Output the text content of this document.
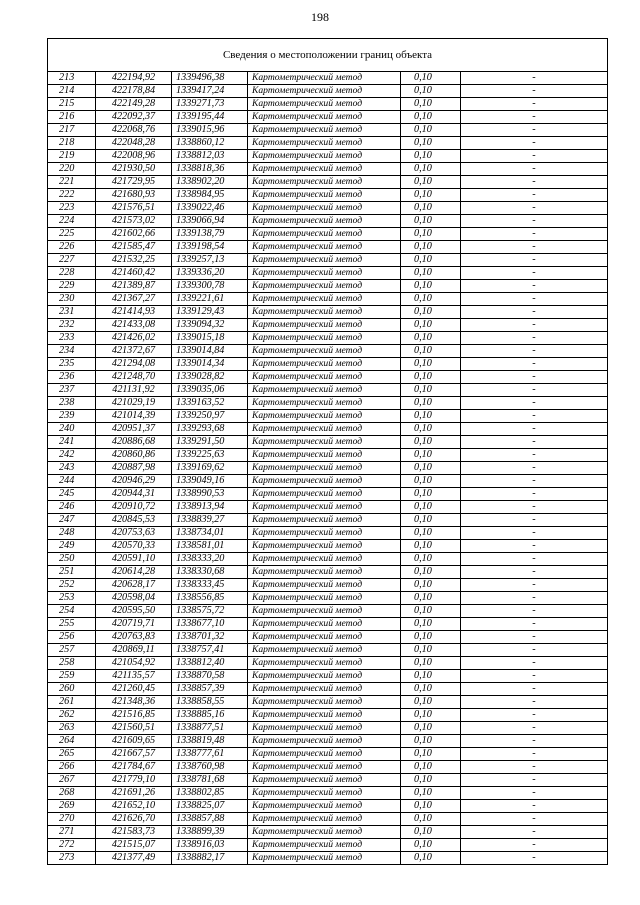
198
Сведения о местоположении границ объекта					
213	422194,92	1339496,38	Картометрический метод	0,10	-
214	422178,84	1339417,24	Картометрический метод	0,10	-
215	422149,28	1339271,73	Картометрический метод	0,10	-
216	422092,37	1339195,44	Картометрический метод	0,10	-
217	422068,76	1339015,96	Картометрический метод	0,10	-
218	422048,28	1338860,12	Картометрический метод	0,10	-
219	422008,96	1338812,03	Картометрический метод	0,10	-
220	421930,50	1338818,36	Картометрический метод	0,10	-
221	421729,95	1338902,20	Картометрический метод	0,10	-
222	421680,93	1338984,95	Картометрический метод	0,10	-
223	421576,51	1339022,46	Картометрический метод	0,10	-
224	421573,02	1339066,94	Картометрический метод	0,10	-
225	421602,66	1339138,79	Картометрический метод	0,10	-
226	421585,47	1339198,54	Картометрический метод	0,10	-
227	421532,25	1339257,13	Картометрический метод	0,10	-
228	421460,42	1339336,20	Картометрический метод	0,10	-
229	421389,87	1339300,78	Картометрический метод	0,10	-
230	421367,27	1339221,61	Картометрический метод	0,10	-
231	421414,93	1339129,43	Картометрический метод	0,10	-
232	421433,08	1339094,32	Картометрический метод	0,10	-
233	421426,02	1339015,18	Картометрический метод	0,10	-
234	421372,67	1339014,84	Картометрический метод	0,10	-
235	421294,08	1339014,34	Картометрический метод	0,10	-
236	421248,70	1339028,82	Картометрический метод	0,10	-
237	421131,92	1339035,06	Картометрический метод	0,10	-
238	421029,19	1339163,52	Картометрический метод	0,10	-
239	421014,39	1339250,97	Картометрический метод	0,10	-
240	420951,37	1339293,68	Картометрический метод	0,10	-
241	420886,68	1339291,50	Картометрический метод	0,10	-
242	420860,86	1339225,63	Картометрический метод	0,10	-
243	420887,98	1339169,62	Картометрический метод	0,10	-
244	420946,29	1339049,16	Картометрический метод	0,10	-
245	420944,31	1338990,53	Картометрический метод	0,10	-
246	420910,72	1338913,94	Картометрический метод	0,10	-
247	420845,53	1338839,27	Картометрический метод	0,10	-
248	420753,63	1338734,01	Картометрический метод	0,10	-
249	420570,33	1338581,01	Картометрический метод	0,10	-
250	420591,10	1338333,20	Картометрический метод	0,10	-
251	420614,28	1338330,68	Картометрический метод	0,10	-
252	420628,17	1338333,45	Картометрический метод	0,10	-
253	420598,04	1338556,85	Картометрический метод	0,10	-
254	420595,50	1338575,72	Картометрический метод	0,10	-
255	420719,71	1338677,10	Картометрический метод	0,10	-
256	420763,83	1338701,32	Картометрический метод	0,10	-
257	420869,11	1338757,41	Картометрический метод	0,10	-
258	421054,92	1338812,40	Картометрический метод	0,10	-
259	421135,57	1338870,58	Картометрический метод	0,10	-
260	421260,45	1338857,39	Картометрический метод	0,10	-
261	421348,36	1338858,55	Картометрический метод	0,10	-
262	421516,85	1338885,16	Картометрический метод	0,10	-
263	421560,51	1338877,51	Картометрический метод	0,10	-
264	421609,65	1338819,48	Картометрический метод	0,10	-
265	421667,57	1338777,61	Картометрический метод	0,10	-
266	421784,67	1338760,98	Картометрический метод	0,10	-
267	421779,10	1338781,68	Картометрический метод	0,10	-
268	421691,26	1338802,85	Картометрический метод	0,10	-
269	421652,10	1338825,07	Картометрический метод	0,10	-
270	421626,70	1338857,88	Картометрический метод	0,10	-
271	421583,73	1338899,39	Картометрический метод	0,10	-
272	421515,07	1338916,03	Картометрический метод	0,10	-
273	421377,49	1338882,17	Картометрический метод	0,10	-
